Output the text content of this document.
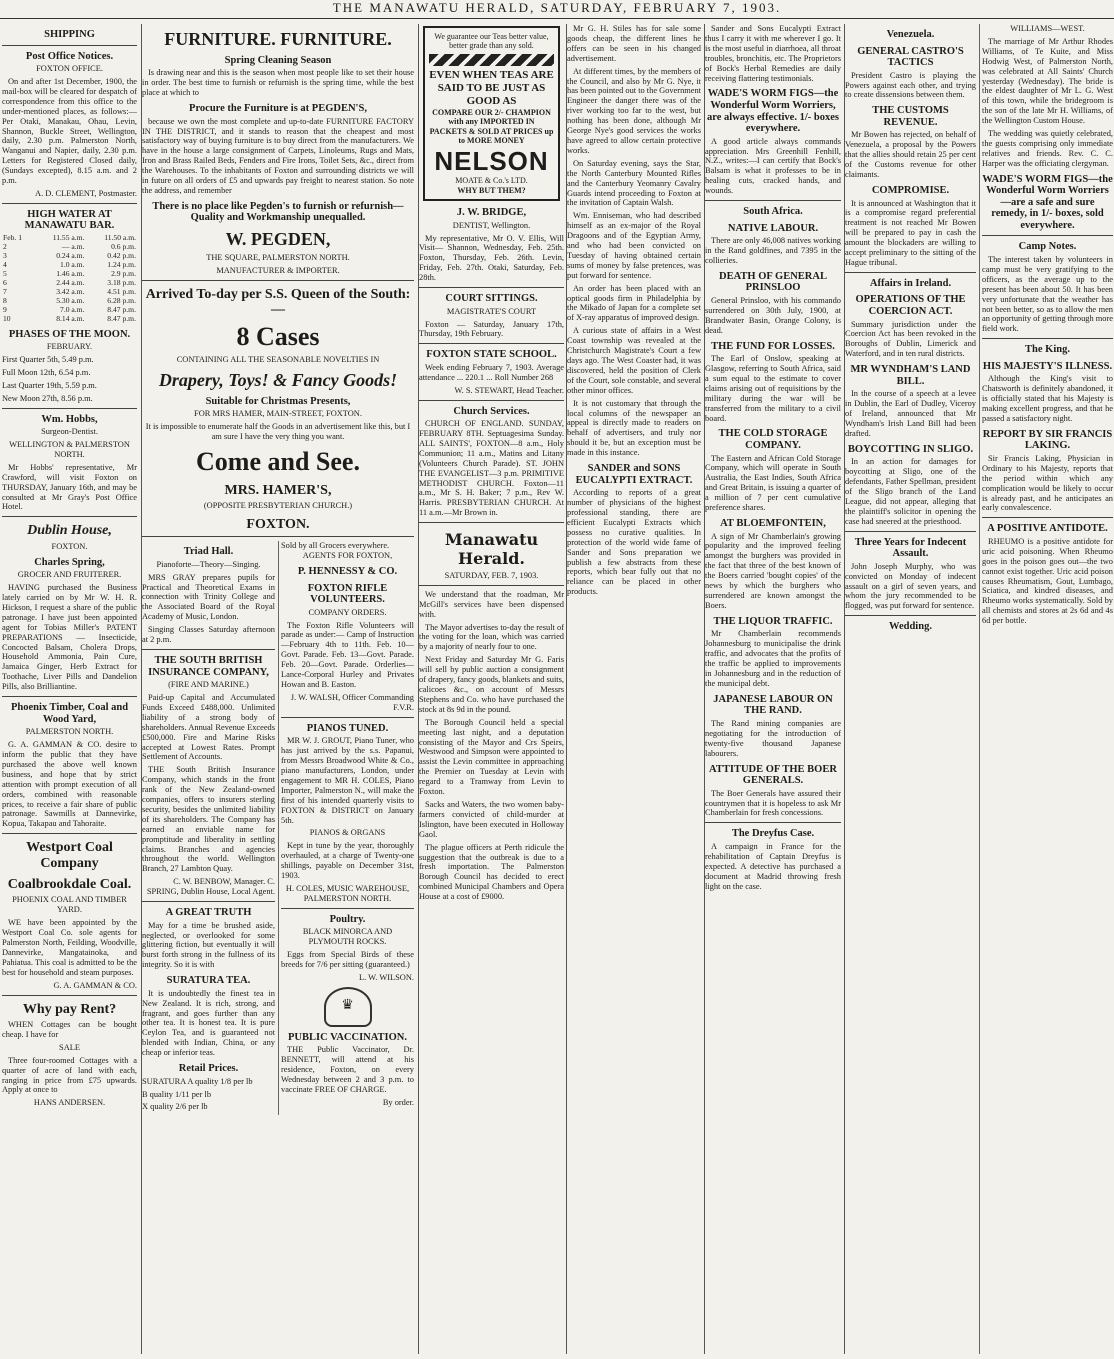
THE MANAWATU HERALD, SATURDAY, FEBRUARY 7, 1903.
SHIPPING
Post Office Notices.

FOXTON OFFICE.

On and after 1st December, 1900, the mail-box will be cleared for despatch of correspondence from this office to the under-mentioned places, as follows:— Per Otaki, Manakau, Ohau, Levin, Shannon, Buckle Street, Wellington, daily, 2.30 p.m. Palmerston North, Wanganui and Napier, daily, 2.30 p.m. Letters for Registered Closed daily, (Sundays excepted), 8.15 a.m. and 2 p.m.

A. D. CLEMENT, Postmaster.

HIGH WATER AT MANAWATU BAR.
Feb. 1	11.55 a.m.	11.50 a.m.
2	— a.m.	0.6 p.m.
3	0.24 a.m.	0.42 p.m.
4	1.0 a.m.	1.24 p.m.
5	1.46 a.m.	2.9 p.m.
6	2.44 a.m.	3.18 p.m.
7	3.42 a.m.	4.51 p.m.
8	5.30 a.m.	6.28 p.m.
9	7.0 a.m.	8.47 p.m.
10	8.14 a.m.	8.47 p.m.
PHASES OF THE MOON.

FEBRUARY.

First Quarter 5th, 5.49 p.m.
Full Moon 12th, 6.54 p.m.
Last Quarter 19th, 5.59 p.m.
New Moon 27th, 8.56 p.m.
Wm. Hobbs,

Surgeon-Dentist.

WELLINGTON & PALMERSTON NORTH.

Mr Hobbs' representative, Mr Crawford, will visit Foxton on THURSDAY, January 16th, and may be consulted at Mr Gray's Post Office Hotel.

Dublin House,

FOXTON.

Charles Spring,

GROCER AND FRUITERER.

HAVING purchased the Business lately carried on by Mr W. H. R. Hickson, I request a share of the public patronage. I have just been appointed agent for Tobias Miller's PATENT PREPARATIONS — Insecticide, Concocted Balsam, Cholera Drops, Household Ammonia, Pain Cure, Jamaica Ginger, Herb Extract for Toothache, Liver Pills and Dandelion Pills, also Brilliantine.

Phoenix Timber, Coal and Wood Yard,

PALMERSTON NORTH.

G. A. GAMMAN & CO. desire to inform the public that they have purchased the above well known business, and hope that by strict attention with prompt execution of all orders, combined with reasonable prices, to receive a fair share of public patronage. Sawmills at Dannevirke, Kopua, Takapau and Tahoraite.

Westport Coal Company
Coalbrookdale Coal.

PHOENIX COAL AND TIMBER YARD.

WE have been appointed by the Westport Coal Co. sole agents for Palmerston North, Feilding, Woodville, Dannevirke, Mangatainoka, and Pahiatua. This coal is admitted to be the best for household and steam purposes.

G. A. GAMMAN & CO.

Why pay Rent?

WHEN Cottages can be bought cheap. I have for

SALE

Three four-roomed Cottages with a quarter of acre of land with each, ranging in price from £75 upwards. Apply at once to

HANS ANDERSEN.

FURNITURE. FURNITURE.
Spring Cleaning Season

Is drawing near and this is the season when most people like to set their house in order. The best time to furnish or refurnish is the spring time, while the best place at which to

Procure the Furniture is at PEGDEN'S,

because we own the most complete and up-to-date FURNITURE FACTORY IN THE DISTRICT, and it stands to reason that the cheapest and most satisfactory way of buying furniture is to buy direct from the manufacturers. We have in the house a large consignment of Carpets, Linoleums, Rugs and Mats, Iron and Brass Railed Beds, Fenders and Fire Irons, Toilet Sets, &c., direct from the Warehouses. To the inhabitants of Foxton and surrounding districts we will in future on all orders of £5 and upwards pay freight to nearest station. So note the address, and remember

There is no place like Pegden's to furnish or refurnish—Quality and Workmanship unequalled.
W. PEGDEN,

THE SQUARE, PALMERSTON NORTH.

MANUFACTURER & IMPORTER.

Arrived To-day per S.S. Queen of the South:—
8 Cases

CONTAINING ALL THE SEASONABLE NOVELTIES IN

Drapery, Toys! & Fancy Goods!
Suitable for Christmas Presents,

FOR MRS HAMER, MAIN-STREET, FOXTON.

It is impossible to enumerate half the Goods in an advertisement like this, but I am sure I have the very thing you want.

Come and See.
MRS. HAMER'S,

(OPPOSITE PRESBYTERIAN CHURCH.)

FOXTON.
Triad Hall.

Pianoforte—Theory—Singing.

MRS GRAY prepares pupils for Practical and Theoretical Exams in connection with Trinity College and the Associated Board of the Royal Academy of Music, London.

Singing Classes Saturday afternoon at 2 p.m.

THE SOUTH BRITISH INSURANCE COMPANY,

(FIRE AND MARINE.)

Paid-up Capital and Accumulated Funds Exceed £488,000. Unlimited liability of a strong body of shareholders. Annual Revenue Exceeds £500,000. Fire and Marine Risks accepted at Lowest Rates. Prompt Settlement of Accounts.

THE South British Insurance Company, which stands in the front rank of the New Zealand-owned companies, offers to insurers sterling security, besides the unlimited liability of its shareholders. The Company has earned an enviable name for promptitude and liberality in settling claims. Branches and agencies throughout the world. Wellington Branch, 27 Lambton Quay.

C. W. BENBOW, Manager. C. SPRING, Dublin House, Local Agent.

A GREAT TRUTH

May for a time be brushed aside, neglected, or overlooked for some glittering fiction, but eventually it will burst forth strong in the fullness of its integrity. So it is with

SURATURA TEA.

It is undoubtedly the finest tea in New Zealand. It is rich, strong, and fragrant, and goes further than any other tea. It is honest tea. It is pure Ceylon Tea, and is guaranteed not blended with Indian, China, or any cheap or inferior teas.

Retail Prices.
SURATURA A quality 1/8 per lb
B quality 1/11 per lb
X quality 2/6 per lb
Sold by all Grocers everywhere.

AGENTS FOR FOXTON,

P. HENNESSY & CO.
FOXTON RIFLE VOLUNTEERS.

COMPANY ORDERS.

The Foxton Rifle Volunteers will parade as under:— Camp of Instruction—February 4th to 11th. Feb. 10—Govt. Parade. Feb. 13—Govt. Parade. Feb. 20—Govt. Parade. Orderlies—Lance-Corporal Hurley and Privates Howan and B. Easton.

J. W. WALSH, Officer Commanding F.V.R.

PIANOS TUNED.

MR W. J. GROUT, Piano Tuner, who has just arrived by the s.s. Papanui, from Messrs Broadwood White & Co., piano manufacturers, London, under engagement to MR H. COLES, Piano Importer, Palmerston N., will make the first of his intended quarterly visits to FOXTON & DISTRICT on January 5th.

PIANOS & ORGANS

Kept in tune by the year, thoroughly overhauled, at a charge of Twenty-one shillings, payable on December 31st, 1903.

H. COLES, MUSIC WAREHOUSE, PALMERSTON NORTH.

Poultry.

BLACK MINORCA AND PLYMOUTH ROCKS.

Eggs from Special Birds of these breeds for 7/6 per sitting (guaranteed.)

L. W. WILSON.

♛
PUBLIC VACCINATION.

THE Public Vaccinator, Dr. BENNETT, will attend at his residence, Foxton, on every Wednesday between 2 and 3 p.m. to vaccinate FREE OF CHARGE.

By order.

We guarantee our Teas better value, better grade than any sold.
EVEN WHEN TEAS ARE SAID TO BE JUST AS GOOD AS
COMPARE OUR 2/- CHAMPION with any IMPORTED IN PACKETS & SOLD AT PRICES up to MORE MONEY
NELSON
MOATE & Co.'s LTD.
WHY BUT THEM?
J. W. BRIDGE,

DENTIST, Wellington.

My representative, Mr O. V. Ellis, Will Visit— Shannon, Wednesday, Feb. 25th. Foxton, Thursday, Feb. 26th. Levin, Friday, Feb. 27th. Otaki, Saturday, Feb. 28th.

COURT SITTINGS.

MAGISTRATE'S COURT

Foxton — Saturday, January 17th, Thursday, 19th February.

FOXTON STATE SCHOOL.

Week ending February 7, 1903. Average attendance ... 220.1 ... Roll Number 268

W. S. STEWART, Head Teacher.

Church Services.

CHURCH OF ENGLAND. SUNDAY, FEBRUARY 8TH. Septuagesima Sunday. ALL SAINTS', FOXTON—8 a.m., Holy Communion; 11 a.m., Matins and Litany (Volunteers Church Parade). ST. JOHN THE EVANGELIST—3 p.m. PRIMITIVE METHODIST CHURCH. Foxton—11 a.m., Mr S. H. Baker; 7 p.m., Rev W. Harris. PRESBYTERIAN CHURCH. At 11 a.m.—Mr Brown in.

Manawatu Herald.

SATURDAY, FEB. 7, 1903.

We understand that the roadman, Mr McGill's services have been dispensed with.

The Mayor advertises to-day the result of the voting for the loan, which was carried by a majority of nearly four to one.

Next Friday and Saturday Mr G. Faris will sell by public auction a consignment of drapery, fancy goods, blankets and suits, calicoes &c., on account of Messrs Stephens and Co. who have purchased the stock at 8s 9d in the pound.

The Borough Council held a special meeting last night, and a deputation consisting of the Mayor and Crs Speirs, Westwood and Simpson were appointed to assist the Levin committee in approaching the Premier on Tuesday at Levin with regard to a Tramway from Levin to Foxton.

Sacks and Waters, the two women baby-farmers convicted of child-murder at Islington, have been executed in Holloway Gaol.

The plague officers at Perth ridicule the suggestion that the outbreak is due to a fresh importation. The Palmerston Borough Council has decided to erect combined Municipal Chambers and Opera House at a cost of £9000.

Mr G. H. Stiles has for sale some goods cheap, the different lines he offers can be seen in his changed advertisement.

At different times, by the members of the Council, and also by Mr G. Nye, it has been pointed out to the Government Engineer the danger there was of the river working too far to the west, but nothing has been done, although Mr George Nye's good services the works have agreed to allow certain protective works.

On Saturday evening, says the Star, the North Canterbury Mounted Rifles and the Canterbury Yeomanry Cavalry Guards intend proceeding to Foxton at the invitation of Captain Walsh.

Wm. Enniseman, who had described himself as an ex-major of the Royal Dragoons and of the Egyptian Army, and who had been convicted on Tuesday of having obtained certain sums of money by false pretences, was put forward for sentence.

An order has been placed with an optical goods firm in Philadelphia by the Mikado of Japan for a complete set of X-ray apparatus of improved design.

A curious state of affairs in a West Coast township was revealed at the Christchurch Magistrate's Court a few days ago. The West Coaster had, it was discovered, held the position of Clerk of the Court, sole constable, and several other minor offices.

It is not customary that through the local columns of the newspaper an appeal is directly made to readers on behalf of advertisers, and truly nor should it be, but an exception must be made in this instance.

SANDER and SONS EUCALYPTI EXTRACT.

According to reports of a great number of physicians of the highest professional standing, there are efficient Eucalypti Extracts which possess no curative qualities. In protection of the world wide fame of Sander and Sons preparation we publish a few abstracts from these reports, which bear fully out that no reliance can be placed in other products.

Sander and Sons Eucalypti Extract thus I carry it with me wherever I go. It is the most useful in diarrhoea, all throat troubles, bronchitis, etc. The Proprietors of Bock's Herbal Remedies are daily receiving flattering testimonials.

WADE'S WORM FIGS—the Wonderful Worm Worriers, are always effective. 1/- boxes everywhere.

A good article always commands appreciation. Mrs Greenhill Fenhill, N.Z., writes:—I can certify that Bock's Balsam is what it professes to be in healing cuts, cracked hands, and wounds.

South Africa.
NATIVE LABOUR.

There are only 46,008 natives working in the Rand goldfines, and 7395 in the collieries.

DEATH OF GENERAL PRINSLOO

General Prinsloo, with his commando surrendered on 30th July, 1900, at Brandwater Basin, Orange Colony, is dead.

THE FUND FOR LOSSES.

The Earl of Onslow, speaking at Glasgow, referring to South Africa, said a sum equal to the estimate to cover claims arising out of requisitions by the military during the war will be transferred from the military to a civil board.

THE COLD STORAGE COMPANY.

The Eastern and African Cold Storage Company, which will operate in South Australia, the East Indies, South Africa and Great Britain, is issuing a quarter of a million of 7 per cent cumulative preference shares.

AT BLOEMFONTEIN,

A sign of Mr Chamberlain's growing popularity and the improved feeling amongst the burghers was provided in the fact that three of the best known of the Boers carried 'bought copies' of the news by which the burghers who surrendered are known amongst the Boers.

THE LIQUOR TRAFFIC.

Mr Chamberlain recommends Johannesburg to municipalise the drink traffic, and advocates that the profits of the traffic be applied to improvements in Johannesburg and in the reduction of the municipal debt.

JAPANESE LABOUR ON THE RAND.

The Rand mining companies are negotiating for the introduction of twenty-five thousand Japanese labourers.

ATTITUDE OF THE BOER GENERALS.

The Boer Generals have assured their countrymen that it is hopeless to ask Mr Chamberlain for fresh concessions.

The Dreyfus Case.

A campaign in France for the rehabilitation of Captain Dreyfus is expected. A detective has purchased a document at Madrid throwing fresh light on the case.

Venezuela.
GENERAL CASTRO'S TACTICS

President Castro is playing the Powers against each other, and trying to create dissensions between them.

THE CUSTOMS REVENUE.

Mr Bowen has rejected, on behalf of Venezuela, a proposal by the Powers that the allies should retain 25 per cent of the Customs revenue for other claimants.

COMPROMISE.

It is announced at Washington that it is a compromise regard preferential treatment is not reached Mr Bowen will be prepared to pay in cash the amount the blockaders are willing to accept preliminary to the sitting of the Hague tribunal.

Affairs in Ireland.
OPERATIONS OF THE COERCION ACT.

Summary jurisdiction under the Coercion Act has been revoked in the Boroughs of Dublin, Limerick and Waterford, and in ten rural districts.

MR WYNDHAM'S LAND BILL.

In the course of a speech at a levee in Dublin, the Earl of Dudley, Viceroy of Ireland, announced that Mr Wyndham's Irish Land Bill had been drafted.

BOYCOTTING IN SLIGO.

In an action for damages for boycotting at Sligo, one of the defendants, Father Spellman, president of the Sligo branch of the Land League, did not appear, alleging that the plaintiff's solicitor in opening the case had sneered at the priesthood.

Three Years for Indecent Assault.

John Joseph Murphy, who was convicted on Monday of indecent assault on a girl of seven years, and whom the jury recommended to be flogged, was put forward for sentence.

Wedding.

WILLIAMS—WEST.

The marriage of Mr Arthur Rhodes Williams, of Te Kuite, and Miss Hodwig West, of Palmerston North, was celebrated at All Saints' Church yesterday (Wednesday). The bride is the eldest daughter of Mr L. G. West of this town, while the bridegroom is the son of the late Mr H. Williams, of the Wellington Custom House.

The wedding was quietly celebrated, the guests comprising only immediate relatives and friends. Rev. C. C. Harper was the officiating clergyman.

WADE'S WORM FIGS—the Wonderful Worm Worriers—are a safe and sure remedy, in 1/- boxes, sold everywhere.
Camp Notes.

The interest taken by volunteers in camp must be very gratifying to the officers, as the average up to the present has been about 50. It has been very unfortunate that the weather has not been better, so as to allow the men an opportunity of getting through more field work.

The King.
HIS MAJESTY'S ILLNESS.

Although the King's visit to Chatsworth is definitely abandoned, it is officially stated that his Majesty is making excellent progress, and that he passed a satisfactory night.

REPORT BY SIR FRANCIS LAKING.

Sir Francis Laking, Physician in Ordinary to his Majesty, reports that the period within which any complication would be likely to occur is already past, and he anticipates an early convalescence.

A POSITIVE ANTIDOTE.

RHEUMO is a positive antidote for uric acid poisoning. When Rheumo goes in the poison goes out—the two cannot exist together. Uric acid poison causes Rheumatism, Gout, Lumbago, Sciatica, and kindred diseases, and Rheumo works systematically. Sold by all chemists and stores at 2s 6d and 4s 6d per bottle.
